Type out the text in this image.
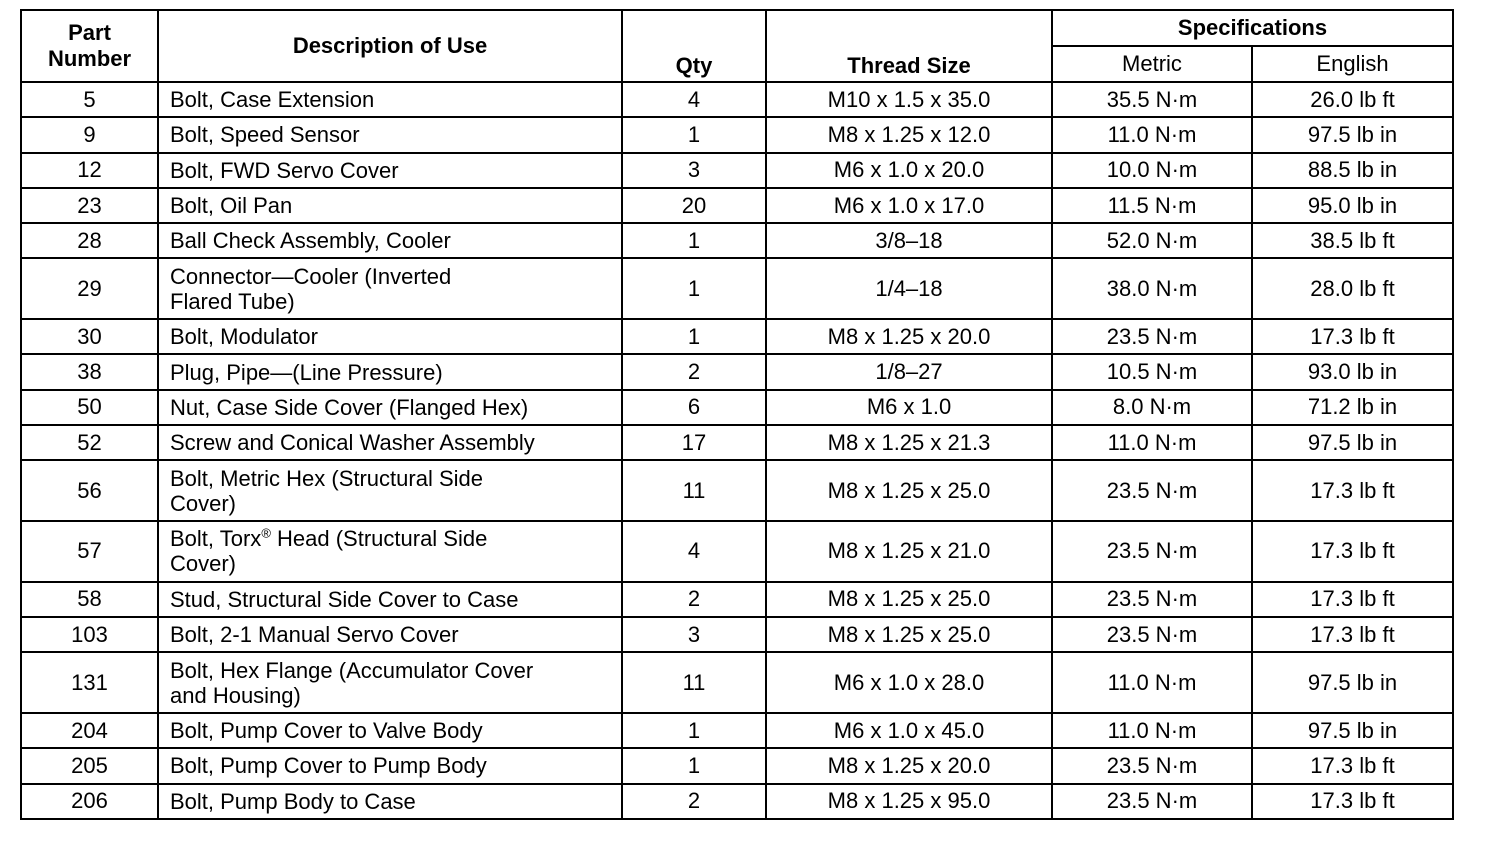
Part
Number	Description of Use	Qty	Thread Size	Specifications	
				Metric	English
5	Bolt, Case Extension	4	M10 x 1.5 x 35.0	35.5 N·m	26.0 lb ft
9	Bolt, Speed Sensor	1	M8 x 1.25 x 12.0	11.0 N·m	97.5 lb in
12	Bolt, FWD Servo Cover	3	M6 x 1.0 x 20.0	10.0 N·m	88.5 lb in
23	Bolt, Oil Pan	20	M6 x 1.0 x 17.0	11.5 N·m	95.0 lb in
28	Ball Check Assembly, Cooler	1	3/8–18	52.0 N·m	38.5 lb ft
29	Connector—Cooler (Inverted
Flared Tube)	1	1/4–18	38.0 N·m	28.0 lb ft
30	Bolt, Modulator	1	M8 x 1.25 x 20.0	23.5 N·m	17.3 lb ft
38	Plug, Pipe—(Line Pressure)	2	1/8–27	10.5 N·m	93.0 lb in
50	Nut, Case Side Cover (Flanged Hex)	6	M6 x 1.0	8.0 N·m	71.2 lb in
52	Screw and Conical Washer Assembly	17	M8 x 1.25 x 21.3	11.0 N·m	97.5 lb in
56	Bolt, Metric Hex (Structural Side
Cover)	11	M8 x 1.25 x 25.0	23.5 N·m	17.3 lb ft
57	Bolt, Torx® Head (Structural Side
Cover)	4	M8 x 1.25 x 21.0	23.5 N·m	17.3 lb ft
58	Stud, Structural Side Cover to Case	2	M8 x 1.25 x 25.0	23.5 N·m	17.3 lb ft
103	Bolt, 2-1 Manual Servo Cover	3	M8 x 1.25 x 25.0	23.5 N·m	17.3 lb ft
131	Bolt, Hex Flange (Accumulator Cover
and Housing)	11	M6 x 1.0 x 28.0	11.0 N·m	97.5 lb in
204	Bolt, Pump Cover to Valve Body	1	M6 x 1.0 x 45.0	11.0 N·m	97.5 lb in
205	Bolt, Pump Cover to Pump Body	1	M8 x 1.25 x 20.0	23.5 N·m	17.3 lb ft
206	Bolt, Pump Body to Case	2	M8 x 1.25 x 95.0	23.5 N·m	17.3 lb ft
